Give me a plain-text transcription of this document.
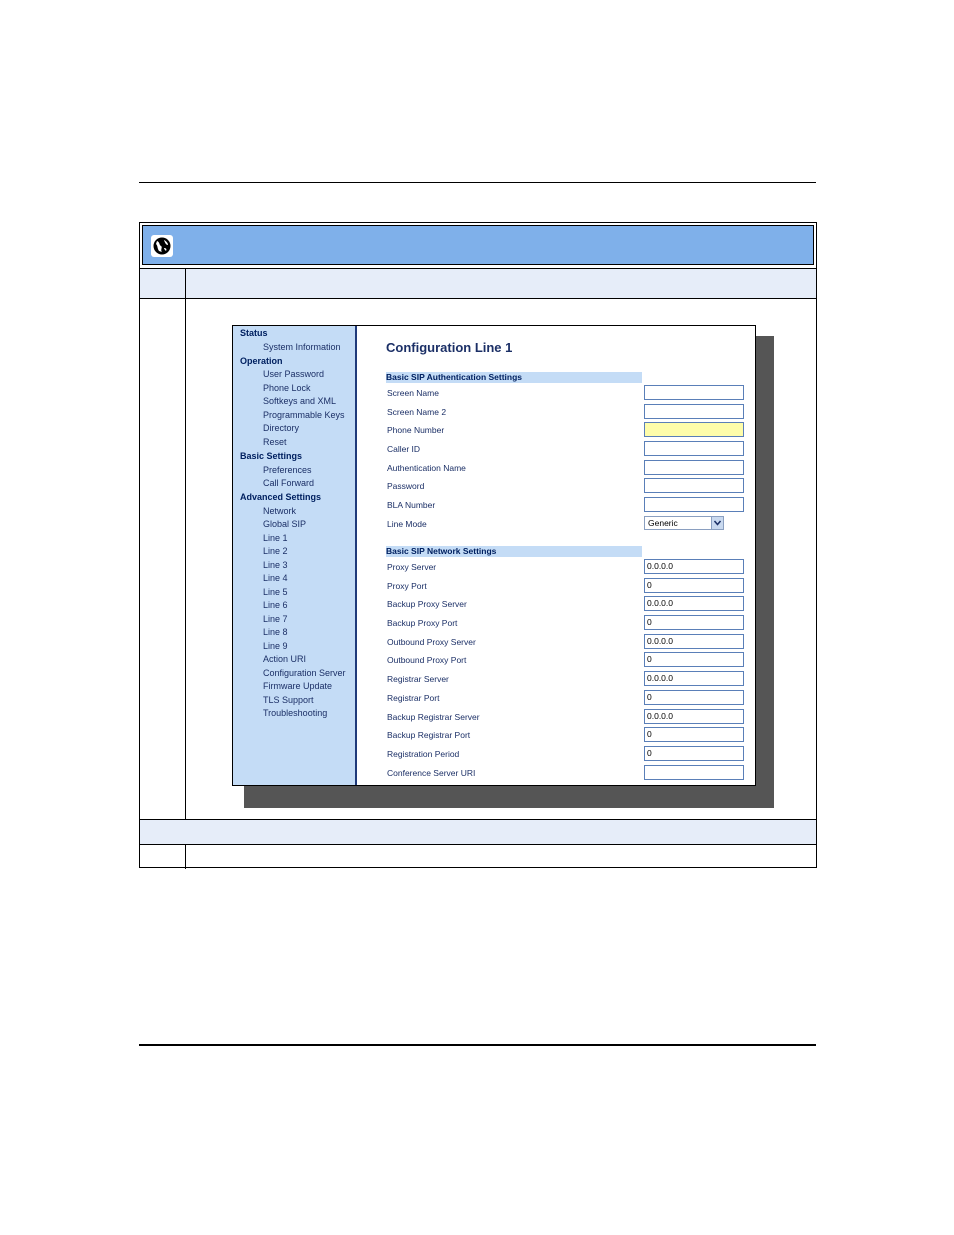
Status
System Information
Operation
User Password
Phone Lock
Softkeys and XML
Programmable Keys
Directory
Reset
Basic Settings
Preferences
Call Forward
Advanced Settings
Network
Global SIP
Line 1
Line 2
Line 3
Line 4
Line 5
Line 6
Line 7
Line 8
Line 9
Action URI
Configuration Server
Firmware Update
TLS Support
Troubleshooting
Configuration Line 1
Basic SIP Authentication Settings
Screen Name
Screen Name 2
Phone Number
Caller ID
Authentication Name
Password
BLA Number
Line Mode	Generic
Basic SIP Network Settings
Proxy Server	0.0.0.0
Proxy Port	0
Backup Proxy Server	0.0.0.0
Backup Proxy Port	0
Outbound Proxy Server	0.0.0.0
Outbound Proxy Port	0
Registrar Server	0.0.0.0
Registrar Port	0
Backup Registrar Server	0.0.0.0
Backup Registrar Port	0
Registration Period	0
Conference Server URI
